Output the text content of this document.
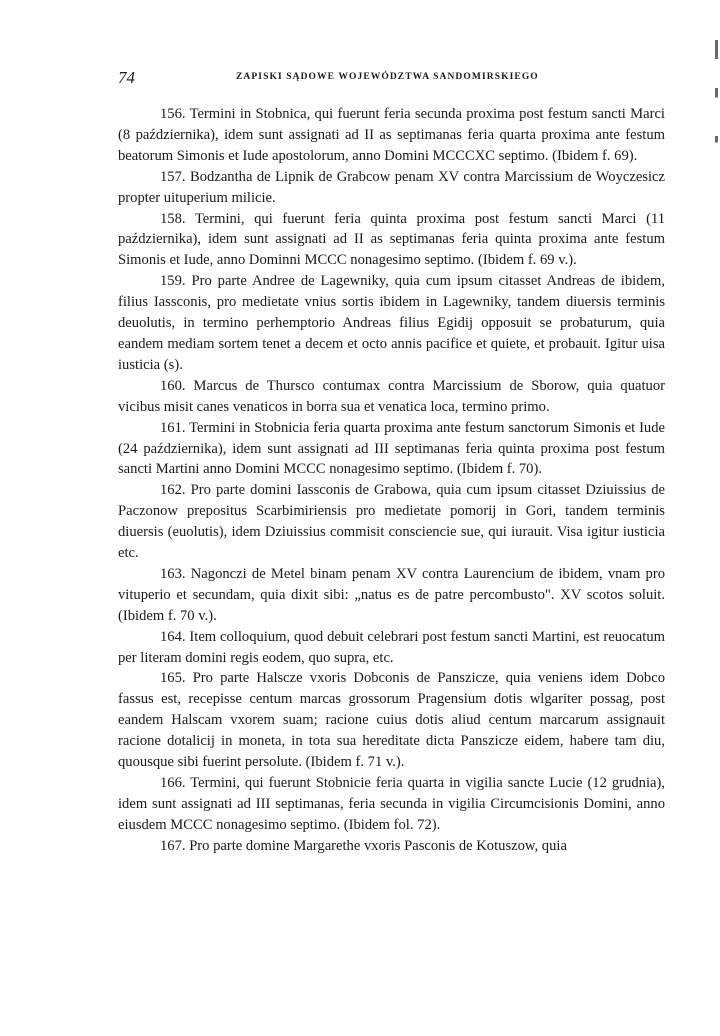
74	ZAPISKI SĄDOWE WOJEWÓDZTWA SANDOMIRSKIEGO

156. Termini in Stobnica, qui fuerunt feria secunda proxima post festum sancti Marci (8 października), idem sunt assignati ad II as septimanas feria quarta proxima ante festum beatorum Simonis et Iude apostolorum, anno Domini MCCCXC septimo. (Ibidem f. 69).

157. Bodzantha de Lipnik de Grabcow penam XV contra Marcissium de Woyczesicz propter uituperium milicie.

158. Termini, qui fuerunt feria quinta proxima post festum sancti Marci (11 października), idem sunt assignati ad II as septimanas feria quinta proxima ante festum Simonis et Iude, anno Dominni MCCC nonagesimo septimo. (Ibidem f. 69 v.).

159. Pro parte Andree de Lagewniky, quia cum ipsum citasset Andreas de ibidem, filius Iassconis, pro medietate vnius sortis ibidem in Lagewniky, tandem diuersis terminis deuolutis, in termino perhemptorio Andreas filius Egidij opposuit se probaturum, quia eandem mediam sortem tenet a decem et octo annis pacifice et quiete, et probauit. Igitur uisa iusticia (s).

160. Marcus de Thursco contumax contra Marcissium de Sborow, quia quatuor vicibus misit canes venaticos in borra sua et venatica loca, termino primo.

161. Termini in Stobnicia feria quarta proxima ante festum sanctorum Simonis et Iude (24 października), idem sunt assignati ad III septimanas feria quinta proxima post festum sancti Martini anno Domini MCCC nonagesimo septimo. (Ibidem f. 70).

162. Pro parte domini Iassconis de Grabowa, quia cum ipsum citasset Dziuissius de Paczonow prepositus Scarbimiriensis pro medietate pomorij in Gori, tandem terminis diuersis (euolutis), idem Dziuissius commisit consciencie sue, qui iurauit. Visa igitur iusticia etc.

163. Nagonczi de Metel binam penam XV contra Laurencium de ibidem, vnam pro vituperio et secundam, quia dixit sibi: „natus es de patre percombusto". XV scotos soluit. (Ibidem f. 70 v.).

164. Item colloquium, quod debuit celebrari post festum sancti Martini, est reuocatum per literam domini regis eodem, quo supra, etc.

165. Pro parte Halscze vxoris Dobconis de Panszicze, quia veniens idem Dobco fassus est, recepisse centum marcas grossorum Pragensium dotis wlgariter possag, post eandem Halscam vxorem suam; racione cuius dotis aliud centum marcarum assignauit racione dotalicij in moneta, in tota sua hereditate dicta Panszicze eidem, habere tam diu, quousque sibi fuerint persolute. (Ibidem f. 71 v.).

166. Termini, qui fuerunt Stobnicie feria quarta in vigilia sancte Lucie (12 grudnia), idem sunt assignati ad III septimanas, feria secunda in vigilia Circumcisionis Domini, anno eiusdem MCCC nonagesimo septimo. (Ibidem fol. 72).

167. Pro parte domine Margarethe vxoris Pasconis de Kotuszow, quia
